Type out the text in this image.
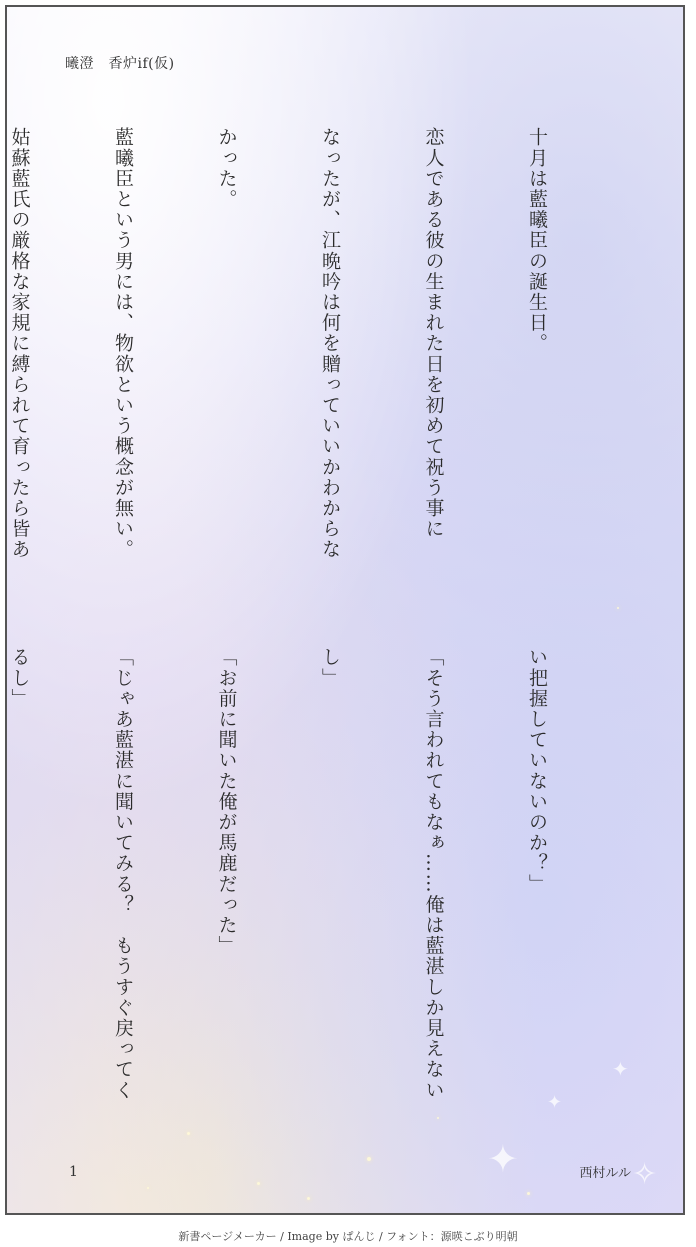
✦	✧
✦
✦
曦澄　香炉if(仮)

十月は藍曦臣の誕生日。

恋人である彼の生まれた日を初めて祝う事に

なったが、江晩吟は何を贈っていいかわからな

かった。

藍曦臣という男には、物欲という概念が無い。

姑蘇藍氏の厳格な家規に縛られて育ったら皆あ

い把握していないのか？」

「そう言われてもなぁ……俺は藍湛しか見えない

し」

「お前に聞いた俺が馬鹿だった」

「じゃあ藍湛に聞いてみる？　もうすぐ戻ってく

るし」

1	西村ルル
新書ページメーカー / Image by ぱんじ / フォント：源暎こぶり明朝
